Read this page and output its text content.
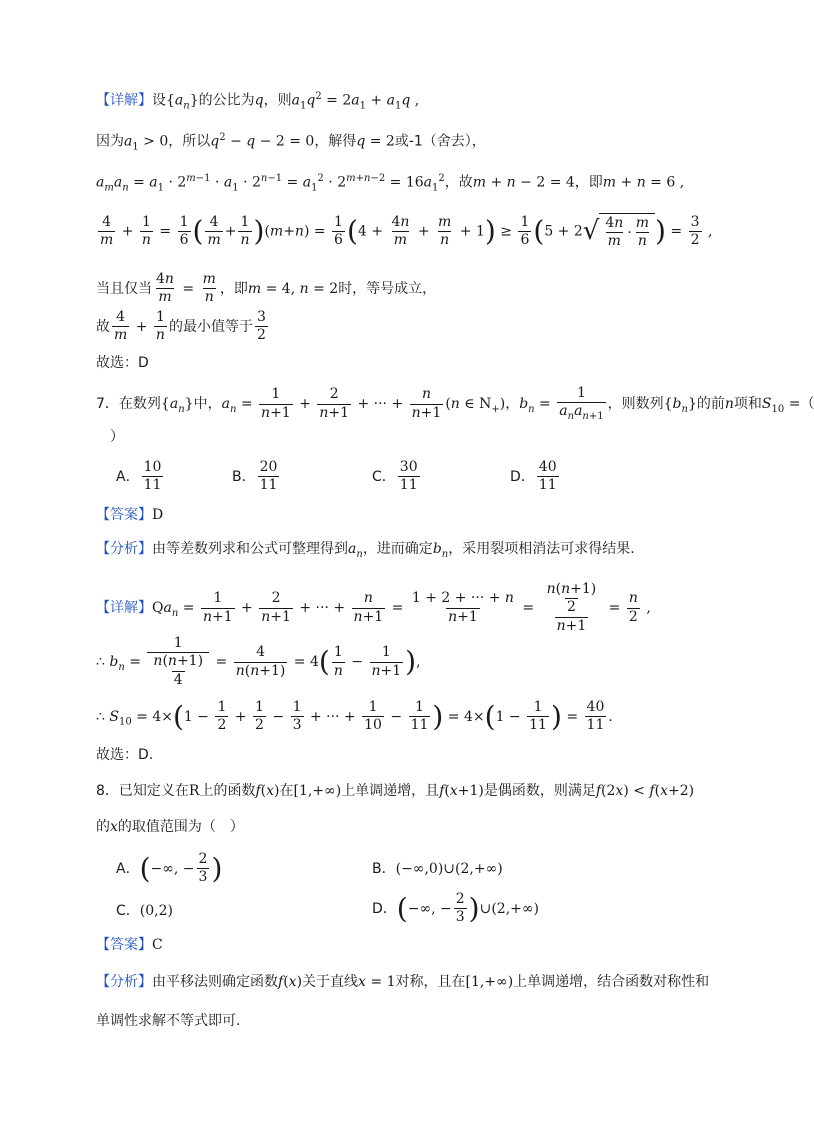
【详解】设$\{a_n\}$的公比为q，则$a_1q^2 = 2a_1 + a_1q$ ,
因为$a_1 > 0$，所以$q^2 - q - 2 = 0$，解得q = 2或-1（舍去），
$a_ma_n = a_1 \cdot 2^{m-1} \cdot a_1 \cdot 2^{n-1} = a_1^2 \cdot 2^{m+n-2} = 16a_1^2$，故m + n − 2 = 4，即m + n = 6 ,
$\frac{4}{m} + \frac{1}{n} = \frac{1}{6}$ ( $\frac{4}{m} + \frac{1}{n} )(m+n) = \frac{1}{6} (4 + \frac{4n}{m} + \frac{m}{n} + 1) \ge \frac{1}{6} (5 + 2$ √ $\frac{4n}{m} \cdot \frac{m}{n}$ ) = $\frac{3}{2}$ ,
当且仅当 $\frac{4n}{m} = \frac{m}{n}$ ，即m = 4, n = 2时，等号成立，
故 $\frac{4}{m} + \frac{1}{n}$ 的最小值等于 $\frac{3}{2}$
故选：D
7．在数列$\{a_n\}$中，$a_n = \frac{1}{n+1} + \frac{2}{n+1}$ + ··· + $\frac{n}{n+1} (n$ ∈ $N_+$)，$b_n = \frac{1}{a_na_{n+1}}$ ，则数列$\{b_n\}$的前n项和$S_{10}$ =（
）
A． $\frac{10}{11}$	B． $\frac{20}{11}$	C． $\frac{30}{11}$	D． $\frac{40}{11}$
【答案】D
【分析】由等差数列求和公式可整理得到$a_n$，进而确定$b_n$，采用裂项相消法可求得结果.
【详解】$Qa_n = \frac{1}{n+1} + \frac{2}{n+1}$ + ··· + $\frac{n}{n+1} = \frac{1 + 2 + \cdot\cdot\cdot + n}{n+1} = \frac{\frac{n(n+1)}{2}}{n+1} = \frac{n}{2}$ ,
∴ $b_n = \frac{1}{\frac{n(n+1)}{4}} = \frac{4}{n(n+1)} = 4( \frac{1}{n} - \frac{1}{n+1}$ ),
∴ $S_{10} = 4\times(1 - \frac{1}{2} + \frac{1}{2} - \frac{1}{3}$ + ··· + $\frac{1}{10} - \frac{1}{11}$ ) = $4\times(1 - \frac{1}{11}$ ) = $\frac{40}{11}$ .
故选：D.
8．已知定义在R上的函数f(x)在[1,+∞)上单调递增，且f(x+1)是偶函数，则满足f(2x) < f(x+2)
的x的取值范围为（　）
A．(−∞, − $\frac{2}{3}$ )	B．(−∞,0)∪(2,+∞)
C．(0,2)	D．(−∞, − $\frac{2}{3}$ )∪(2,+∞)
【答案】C
【分析】由平移法则确定函数f(x)关于直线x = 1对称，且在[1,+∞)上单调递增，结合函数对称性和
单调性求解不等式即可.
